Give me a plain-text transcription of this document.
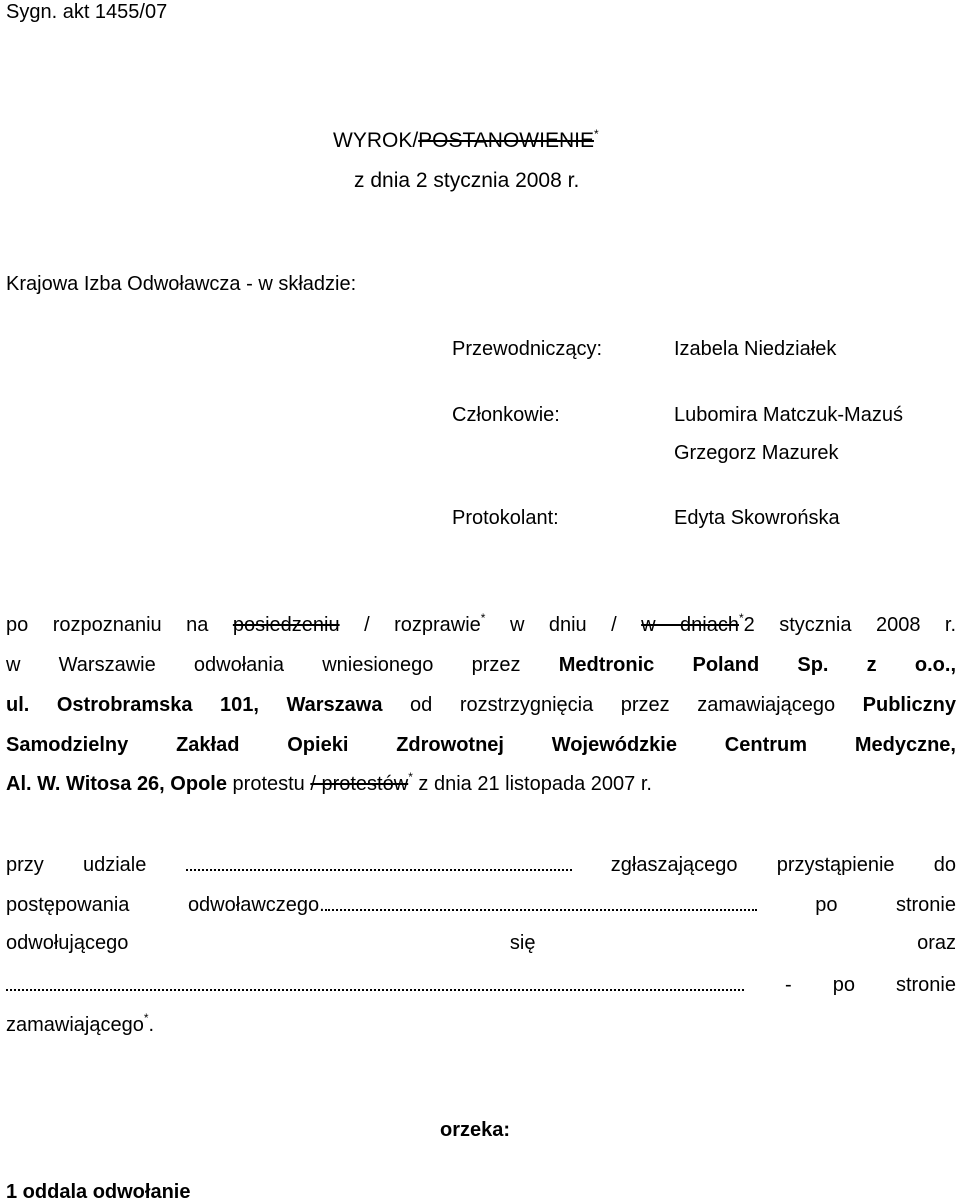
Sygn. akt 1455/07
WYROK/POSTANOWIENIE*
z dnia 2 stycznia 2008 r.
Krajowa Izba Odwoławcza - w składzie:
Przewodniczący:	Izabela Niedziałek
Członkowie:	Lubomira Matczuk-Mazuś
Grzegorz Mazurek
Protokolant:	Edyta Skowrońska
po rozpoznaniu na posiedzeniu / rozprawie* w dniu / w dniach*2 stycznia 2008 r.
w Warszawie odwołania wniesionego przez Medtronic Poland Sp. z o.o.,
ul. Ostrobramska 101, Warszawa od rozstrzygnięcia przez zamawiającego Publiczny
Samodzielny Zakład Opieki Zdrowotnej Wojewódzkie Centrum Medyczne,
Al. W. Witosa 26, Opole protestu / protestów* z dnia 21 listopada 2007 r.
przy udziale	zgłaszającego przystąpienie do
postępowania odwoławczego.	po stronie
odwołującego się oraz
- po stronie
zamawiającego*.
orzeka:
1 oddala odwołanie
